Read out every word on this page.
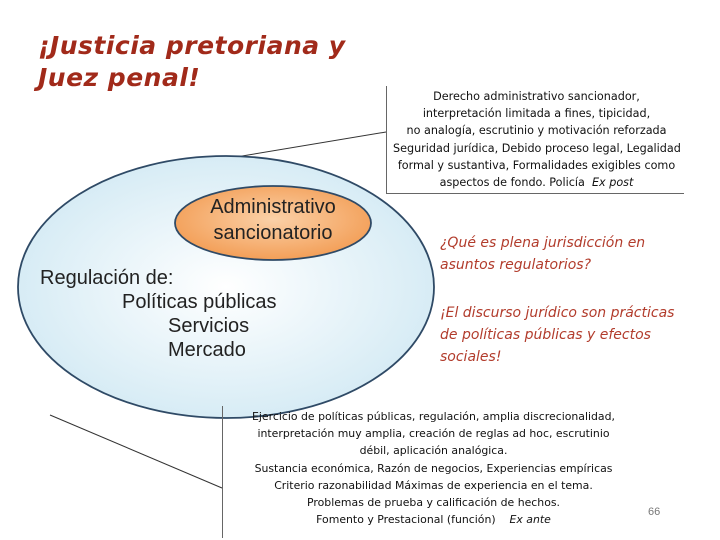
¡Justicia pretoriana y
Juez penal!
Derecho administrativo sancionador,
interpretación limitada a fines, tipicidad,
no analogía, escrutinio y motivación reforzada
Seguridad jurídica, Debido proceso legal, Legalidad
formal y sustantiva, Formalidades exigibles como
aspectos de fondo. Policía Ex post
Administrativo
sancionatorio
Regulación de:
Políticas públicas
Servicios
Mercado
¿Qué es plena jurisdicción en
asuntos regulatorios?
¡El discurso jurídico son prácticas
de políticas públicas y efectos
sociales!
Ejercicio de políticas públicas, regulación, amplia discrecionalidad,
interpretación muy amplia, creación de reglas ad hoc, escrutinio
débil, aplicación analógica.
Sustancia económica, Razón de negocios, Experiencias empíricas
Criterio razonabilidad Máximas de experiencia en el tema.
Problemas de prueba y calificación de hechos.
Fomento y Prestacional (función) Ex ante
66
